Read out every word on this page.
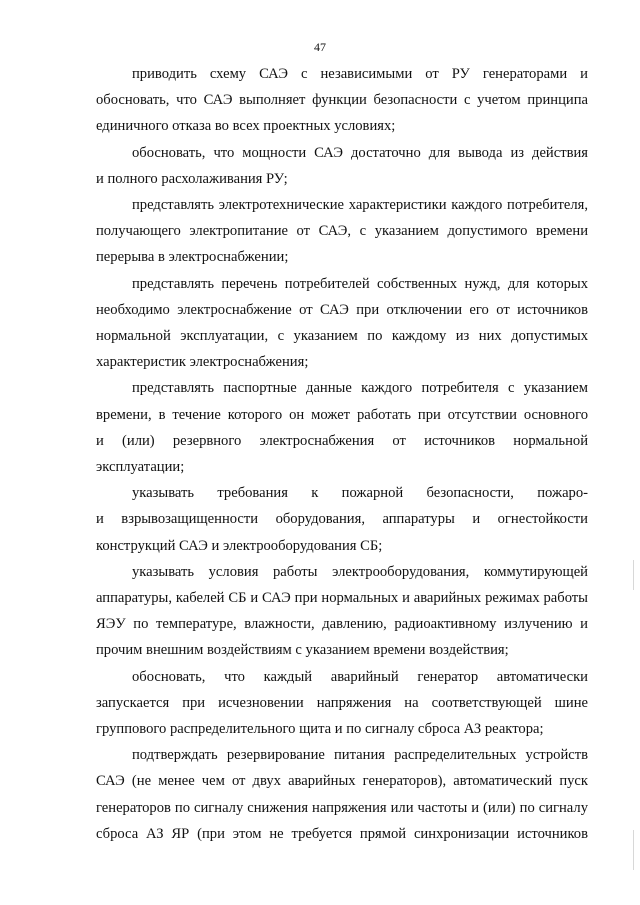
47
приводить схему САЭ с независимыми от РУ генераторами и
обосновать, что САЭ выполняет функции безопасности с учетом принципа
единичного отказа во всех проектных условиях;
обосновать, что мощности САЭ достаточно для вывода из действия
и полного расхолаживания РУ;
представлять электротехнические характеристики каждого потребителя,
получающего электропитание от САЭ, с указанием допустимого времени
перерыва в электроснабжении;
представлять перечень потребителей собственных нужд, для которых
необходимо электроснабжение от САЭ при отключении его от источников
нормальной эксплуатации, с указанием по каждому из них допустимых
характеристик электроснабжения;
представлять паспортные данные каждого потребителя с указанием
времени, в течение которого он может работать при отсутствии основного
и (или) резервного электроснабжения от источников нормальной
эксплуатации;
указывать требования к пожарной безопасности, пожаро-
и взрывозащищенности оборудования, аппаратуры и огнестойкости
конструкций САЭ и электрооборудования СБ;
указывать условия работы электрооборудования, коммутирующей
аппаратуры, кабелей СБ и САЭ при нормальных и аварийных режимах работы
ЯЭУ по температуре, влажности, давлению, радиоактивному излучению и
прочим внешним воздействиям с указанием времени воздействия;
обосновать, что каждый аварийный генератор автоматически
запускается при исчезновении напряжения на соответствующей шине
группового распределительного щита и по сигналу сброса АЗ реактора;
подтверждать резервирование питания распределительных устройств
САЭ (не менее чем от двух аварийных генераторов), автоматический пуск
генераторов по сигналу снижения напряжения или частоты и (или) по сигналу
сброса АЗ ЯР (при этом не требуется прямой синхронизации источников
